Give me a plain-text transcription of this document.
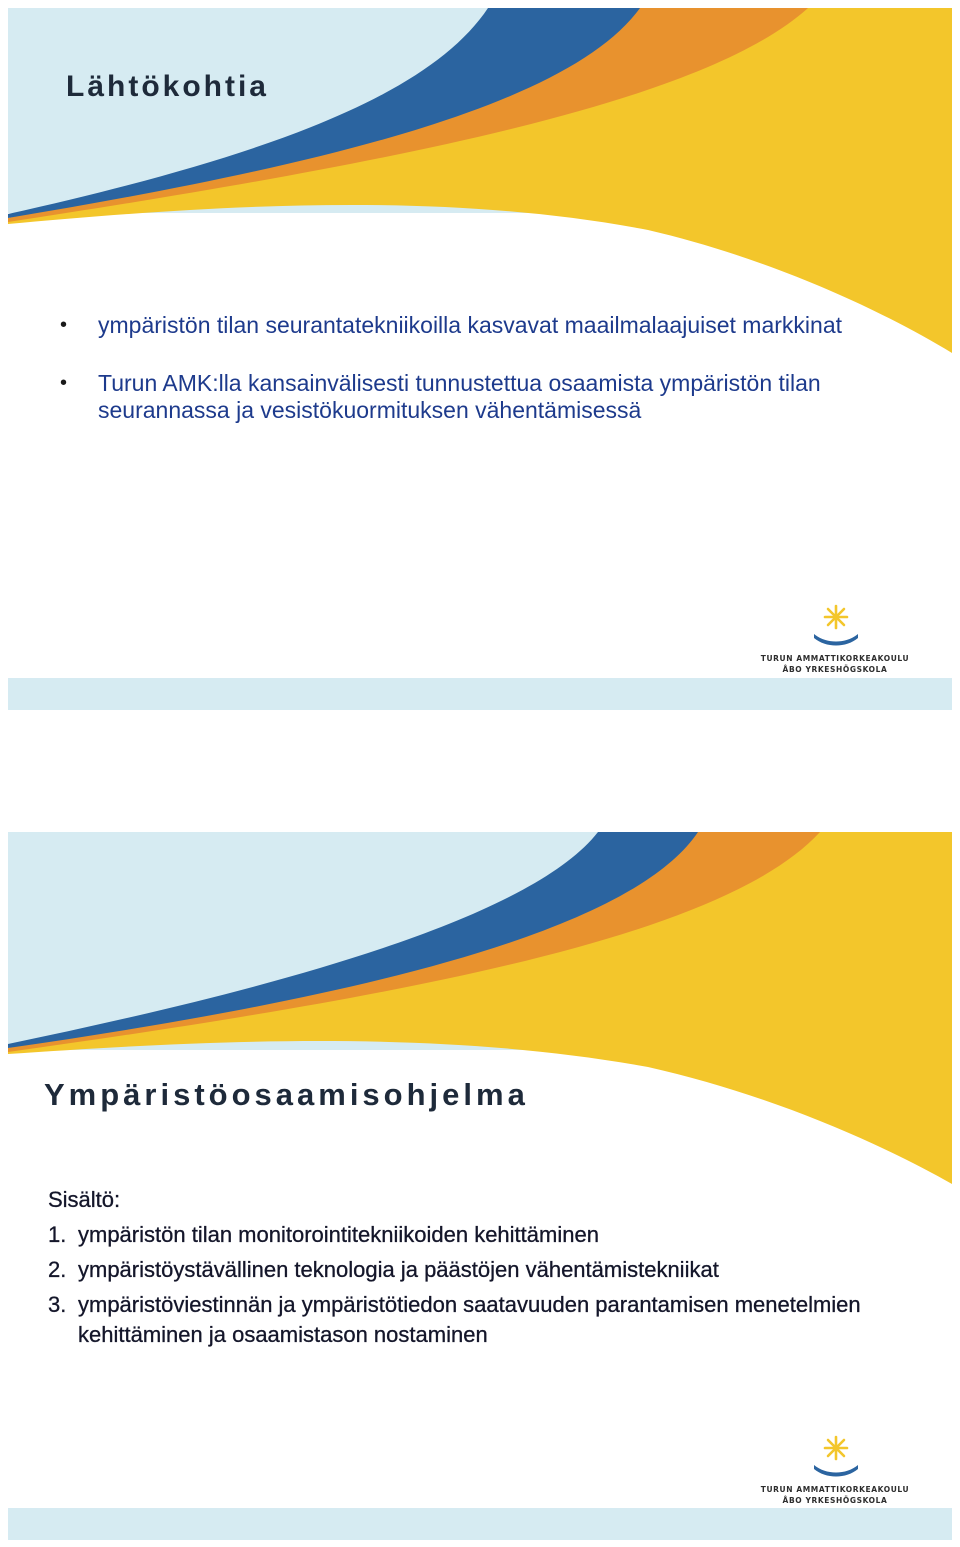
Lähtökohtia
• ympäristön tilan seurantatekniikoilla kasvavat maailmalaajuiset markkinat
• Turun AMK:lla kansainvälisesti tunnustettua osaamista ympäristön tilan seurannassa ja vesistökuormituksen vähentämisessä
TURUN AMMATTIKORKEAKOULU
ÅBO YRKESHÖGSKOLA
Ympäristöosaamisohjelma
Sisältö:
1. ympäristön tilan monitorointitekniikoiden kehittäminen
2. ympäristöystävällinen teknologia ja päästöjen vähentämistekniikat
3. ympäristöviestinnän ja ympäristötiedon saatavuuden parantamisen menetelmien kehittäminen ja osaamistason nostaminen
TURUN AMMATTIKORKEAKOULU
ÅBO YRKESHÖGSKOLA
